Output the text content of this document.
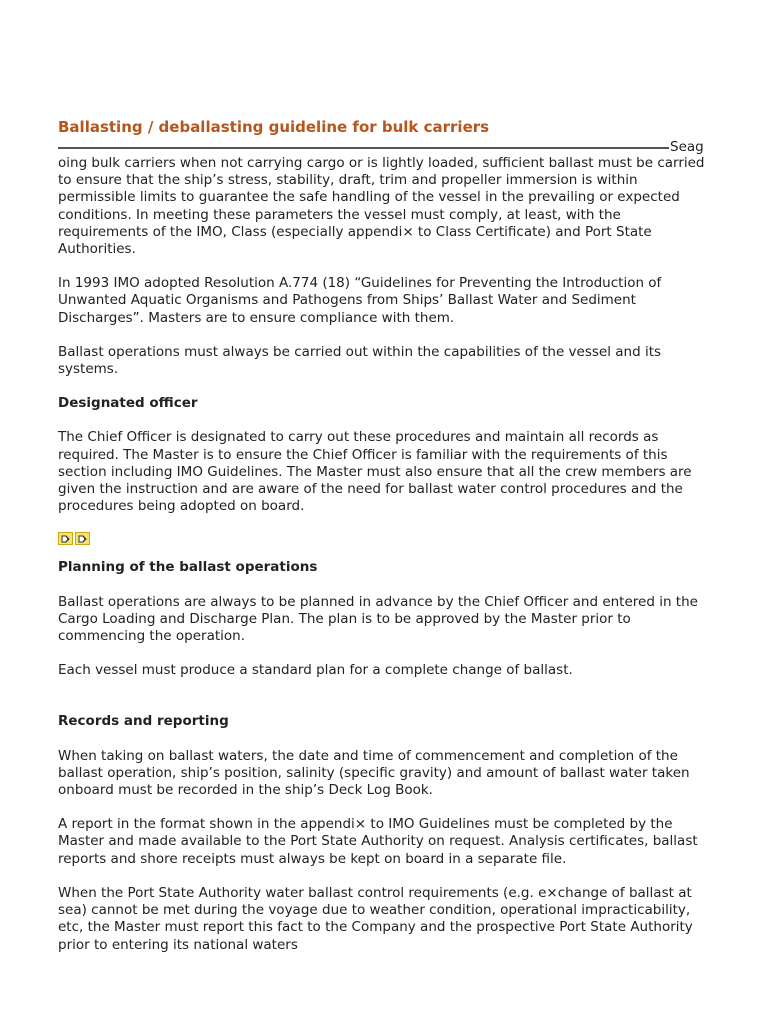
Ballasting / deballasting guideline for bulk carriers
Seag

oing bulk carriers when not carrying cargo or is lightly loaded, sufficient ballast must be carried to ensure that the ship’s stress, stability, draft, trim and propeller immersion is within permissible limits to guarantee the safe handling of the vessel in the prevailing or expected conditions. In meeting these parameters the vessel must comply, at least, with the requirements of the IMO, Class (especially appendi× to Class Certificate) and Port State Authorities.

In 1993 IMO adopted Resolution A.774 (18) “Guidelines for Preventing the Introduction of Unwanted Aquatic Organisms and Pathogens from Ships’ Ballast Water and Sediment Discharges”. Masters are to ensure compliance with them.

Ballast operations must always be carried out within the capabilities of the vessel and its systems.

Designated officer

The Chief Officer is designated to carry out these procedures and maintain all records as required. The Master is to ensure the Chief Officer is familiar with the requirements of this section including IMO Guidelines. The Master must also ensure that all the crew members are given the instruction and are aware of the need for ballast water control procedures and the procedures being adopted on board.

Planning of the ballast operations

Ballast operations are always to be planned in advance by the Chief Officer and entered in the Cargo Loading and Discharge Plan. The plan is to be approved by the Master prior to commencing the operation.

Each vessel must produce a standard plan for a complete change of ballast.

Records and reporting

When taking on ballast waters, the date and time of commencement and completion of the ballast operation, ship’s position, salinity (specific gravity) and amount of ballast water taken onboard must be recorded in the ship’s Deck Log Book.

A report in the format shown in the appendi× to IMO Guidelines must be completed by the Master and made available to the Port State Authority on request. Analysis certificates, ballast reports and shore receipts must always be kept on board in a separate file.

When the Port State Authority water ballast control requirements (e.g. e×change of ballast at sea) cannot be met during the voyage due to weather condition, operational impracticability, etc, the Master must report this fact to the Company and the prospective Port State Authority prior to entering its national waters
